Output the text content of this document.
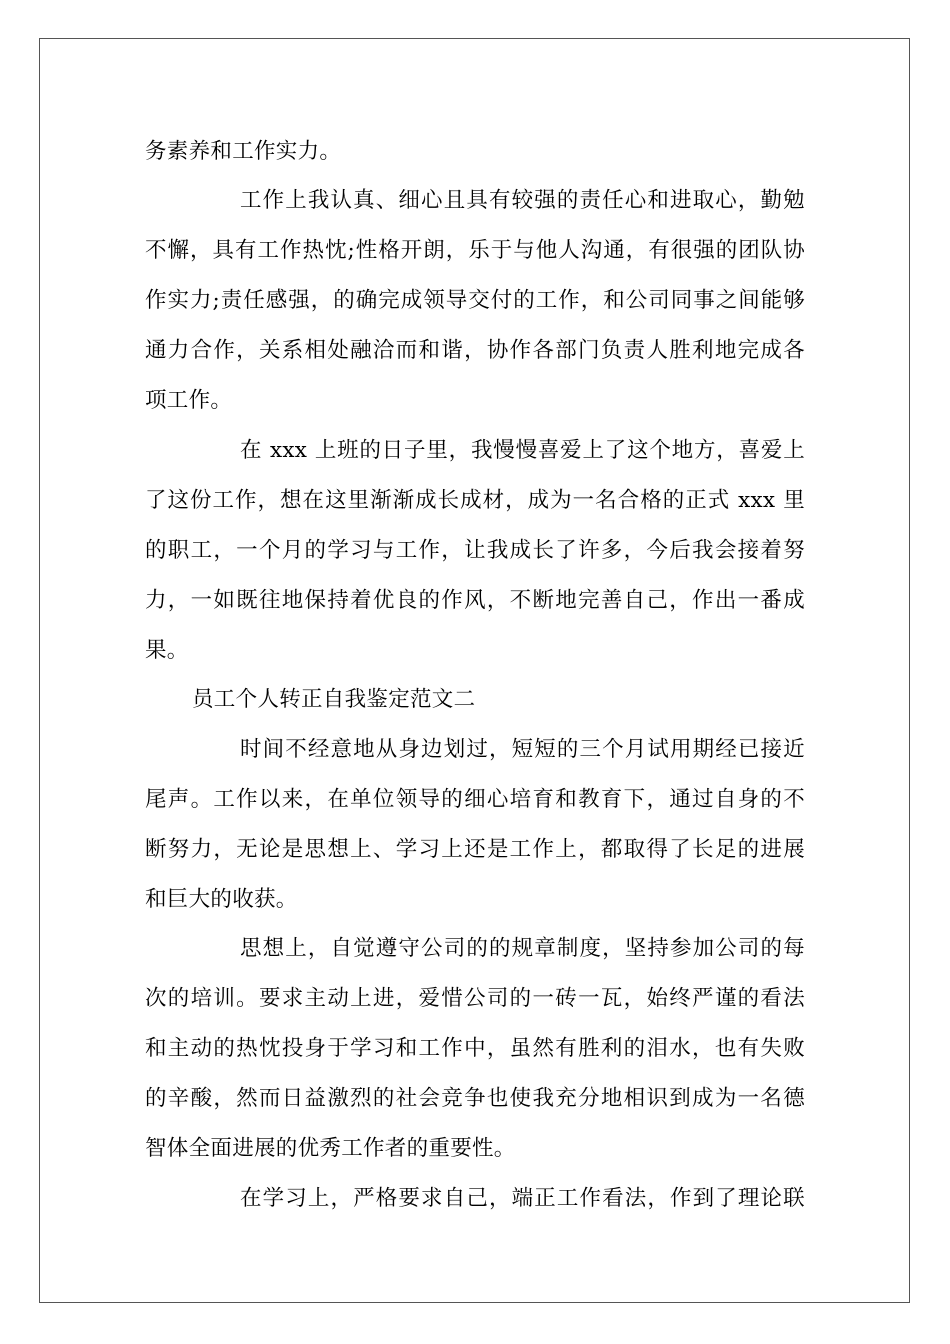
务素养和工作实力。
工作上我认真、细心且具有较强的责任心和进取心，勤勉
不懈，具有工作热忱;性格开朗，乐于与他人沟通，有很强的团队协
作实力;责任感强，的确完成领导交付的工作，和公司同事之间能够
通力合作，关系相处融洽而和谐，协作各部门负责人胜利地完成各
项工作。
在 xxx 上班的日子里，我慢慢喜爱上了这个地方，喜爱上
了这份工作，想在这里渐渐成长成材，成为一名合格的正式 xxx 里
的职工，一个月的学习与工作，让我成长了许多，今后我会接着努
力，一如既往地保持着优良的作风，不断地完善自己，作出一番成
果。
员工个人转正自我鉴定范文二
时间不经意地从身边划过，短短的三个月试用期经已接近
尾声。工作以来，在单位领导的细心培育和教育下，通过自身的不
断努力，无论是思想上、学习上还是工作上，都取得了长足的进展
和巨大的收获。
思想上，自觉遵守公司的的规章制度，坚持参加公司的每
次的培训。要求主动上进，爱惜公司的一砖一瓦，始终严谨的看法
和主动的热忱投身于学习和工作中，虽然有胜利的泪水，也有失败
的辛酸，然而日益激烈的社会竞争也使我充分地相识到成为一名德
智体全面进展的优秀工作者的重要性。
在学习上，严格要求自己，端正工作看法，作到了理论联
